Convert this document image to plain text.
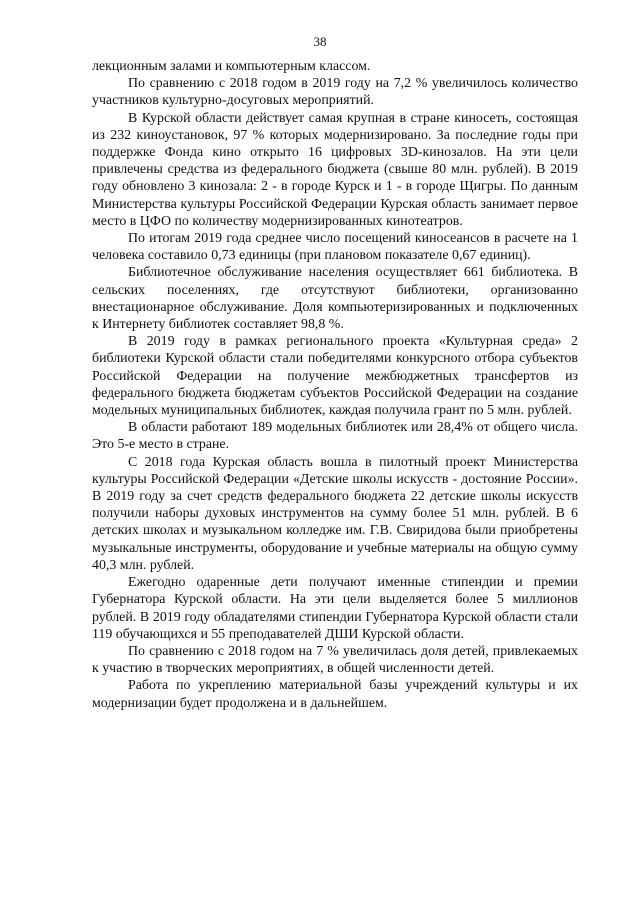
38

лекционным залами и компьютерным классом.

По сравнению с 2018 годом в 2019 году на 7,2 % увеличилось количество участников культурно-досуговых мероприятий.

В Курской области действует самая крупная в стране киносеть, состоящая из 232 киноустановок, 97 % которых модернизировано. За последние годы при поддержке Фонда кино открыто 16 цифровых 3D-кинозалов. На эти цели привлечены средства из федерального бюджета (свыше 80 млн. рублей). В 2019 году обновлено 3 кинозала: 2 - в городе Курск и 1 - в городе Щигры. По данным Министерства культуры Российской Федерации Курская область занимает первое место в ЦФО по количеству модернизированных кинотеатров.

По итогам 2019 года среднее число посещений киносеансов в расчете на 1 человека составило 0,73 единицы (при плановом показателе 0,67 единиц).

Библиотечное обслуживание населения осуществляет 661 библиотека. В сельских поселениях, где отсутствуют библиотеки, организованно внестационарное обслуживание. Доля компьютеризированных и подключенных к Интернету библиотек составляет 98,8 %.

В 2019 году в рамках регионального проекта «Культурная среда» 2 библиотеки Курской области стали победителями конкурсного отбора субъектов Российской Федерации на получение межбюджетных трансфертов из федерального бюджета бюджетам субъектов Российской Федерации на создание модельных муниципальных библиотек, каждая получила грант по 5 млн. рублей.

В области работают 189 модельных библиотек или 28,4% от общего числа. Это 5-е место в стране.

С 2018 года Курская область вошла в пилотный проект Министерства культуры Российской Федерации «Детские школы искусств - достояние России». В 2019 году за счет средств федерального бюджета 22 детские школы искусств получили наборы духовых инструментов на сумму более 51 млн. рублей. В 6 детских школах и музыкальном колледже им. Г.В. Свиридова были приобретены музыкальные инструменты, оборудование и учебные материалы на общую сумму 40,3 млн. рублей.

Ежегодно одаренные дети получают именные стипендии и премии Губернатора Курской области. На эти цели выделяется более 5 миллионов рублей. В 2019 году обладателями стипендии Губернатора Курской области стали 119 обучающихся и 55 преподавателей ДШИ Курской области.

По сравнению с 2018 годом на 7 % увеличилась доля детей, привлекаемых к участию в творческих мероприятиях, в общей численности детей.

Работа по укреплению материальной базы учреждений культуры и их модернизации будет продолжена и в дальнейшем.
